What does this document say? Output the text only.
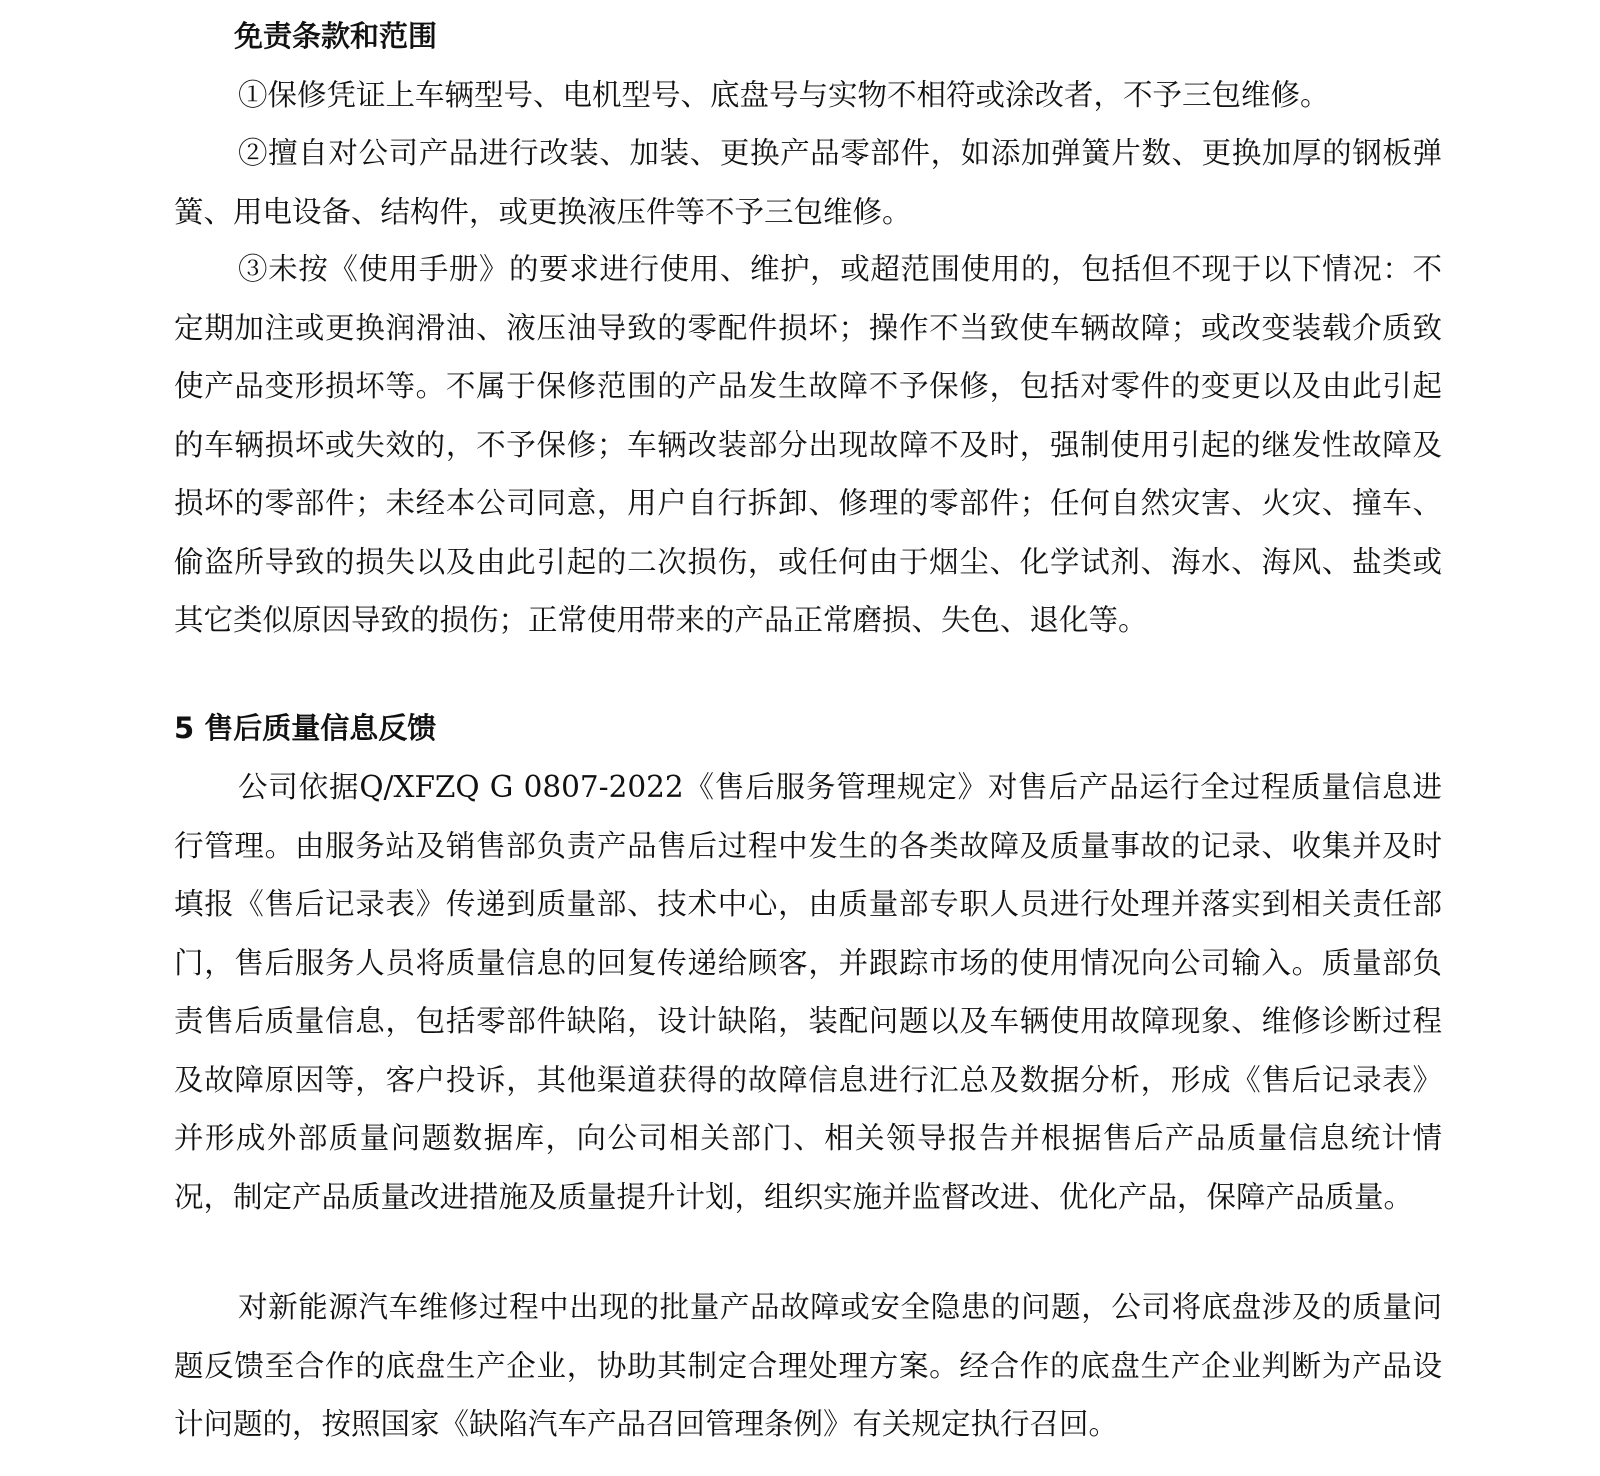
免责条款和范围

①保修凭证上车辆型号、电机型号、底盘号与实物不相符或涂改者，不予三包维修。

②擅自对公司产品进行改装、加装、更换产品零部件，如添加弹簧片数、更换加厚的钢板弹簧、用电设备、结构件，或更换液压件等不予三包维修。

③未按《使用手册》的要求进行使用、维护，或超范围使用的，包括但不现于以下情况：不定期加注或更换润滑油、液压油导致的零配件损坏；操作不当致使车辆故障；或改变装载介质致使产品变形损坏等。不属于保修范围的产品发生故障不予保修，包括对零件的变更以及由此引起的车辆损坏或失效的，不予保修；车辆改装部分出现故障不及时，强制使用引起的继发性故障及损坏的零部件；未经本公司同意，用户自行拆卸、修理的零部件；任何自然灾害、火灾、撞车、偷盗所导致的损失以及由此引起的二次损伤，或任何由于烟尘、化学试剂、海水、海风、盐类或其它类似原因导致的损伤；正常使用带来的产品正常磨损、失色、退化等。

5 售后质量信息反馈

公司依据Q/XFZQ G 0807-2022《售后服务管理规定》对售后产品运行全过程质量信息进行管理。由服务站及销售部负责产品售后过程中发生的各类故障及质量事故的记录、收集并及时填报《售后记录表》传递到质量部、技术中心，由质量部专职人员进行处理并落实到相关责任部门，售后服务人员将质量信息的回复传递给顾客，并跟踪市场的使用情况向公司输入。质量部负责售后质量信息，包括零部件缺陷，设计缺陷，装配问题以及车辆使用故障现象、维修诊断过程及故障原因等，客户投诉，其他渠道获得的故障信息进行汇总及数据分析，形成《售后记录表》并形成外部质量问题数据库，向公司相关部门、相关领导报告并根据售后产品质量信息统计情况，制定产品质量改进措施及质量提升计划，组织实施并监督改进、优化产品，保障产品质量。

对新能源汽车维修过程中出现的批量产品故障或安全隐患的问题，公司将底盘涉及的质量问题反馈至合作的底盘生产企业，协助其制定合理处理方案。经合作的底盘生产企业判断为产品设计问题的，按照国家《缺陷汽车产品召回管理条例》有关规定执行召回。
